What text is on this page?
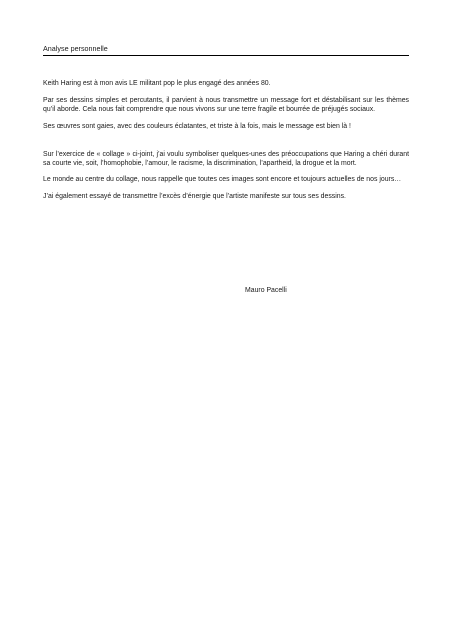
Analyse personnelle

Keith Haring est à mon avis LE militant pop le plus engagé des années 80.

Par ses dessins simples et percutants, il parvient à nous transmettre un message fort et déstabilisant sur les thèmes qu’il aborde. Cela nous fait comprendre que nous vivons sur une terre fragile et bourrée de préjugés sociaux.

Ses œuvres sont gaies, avec des couleurs éclatantes, et triste à la fois, mais le message est bien là !

Sur l’exercice de « collage » ci-joint, j’ai voulu symboliser quelques-unes des préoccupations que Haring a chéri durant sa courte vie, soit, l’homophobie, l’amour, le racisme, la discrimination, l’apartheid, la drogue et la mort.

Le monde au centre du collage, nous rappelle que toutes ces images sont encore et toujours actuelles de nos jours…

J’ai également essayé de transmettre l’excès d’énergie que l’artiste manifeste sur tous ses dessins.

Mauro Pacelli
